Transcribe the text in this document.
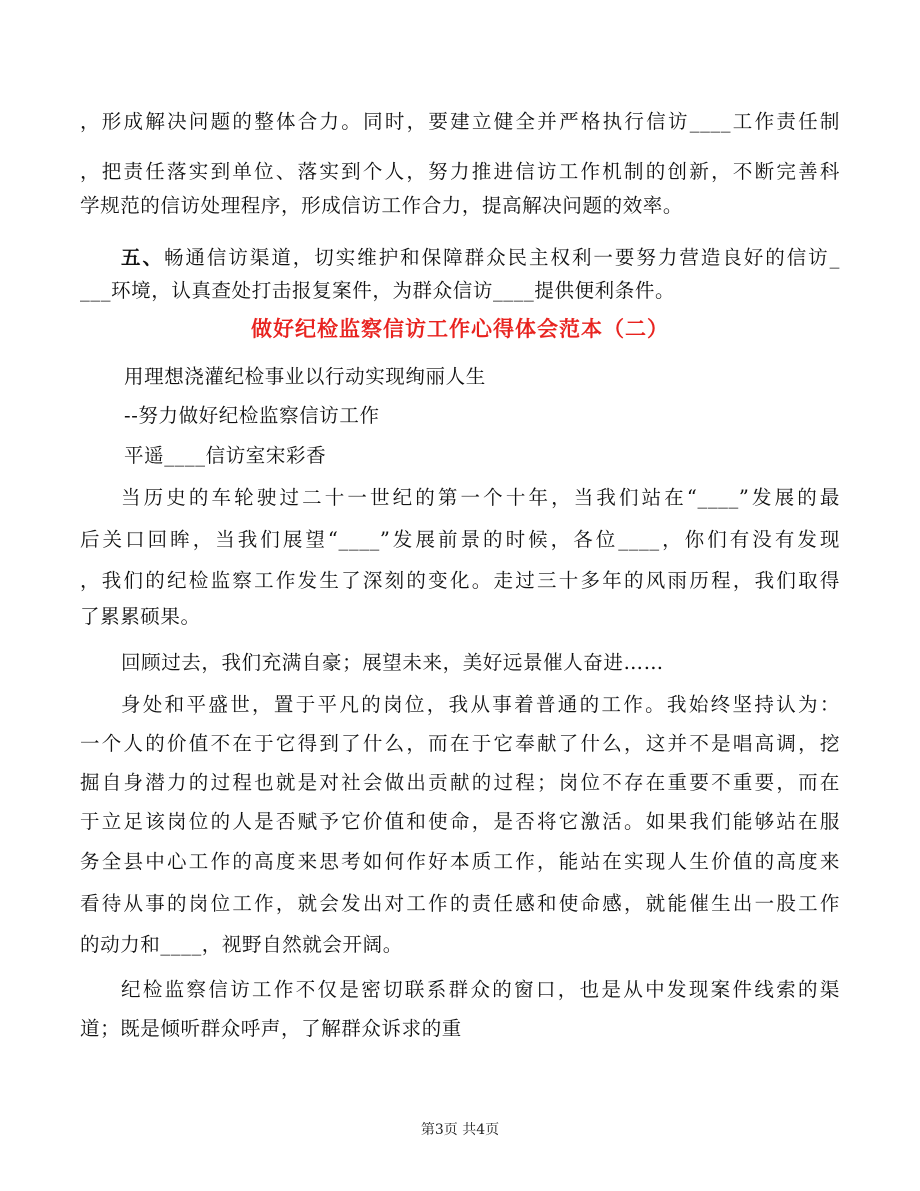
，形成解决问题的整体合力。同时，要建立健全并严格执行信访____工作责任制
，把责任落实到单位、落实到个人，努力推进信访工作机制的创新，不断完善科
学规范的信访处理程序，形成信访工作合力，提高解决问题的效率。
五、畅通信访渠道，切实维护和保障群众民主权利一要努力营造良好的信访_
___环境，认真查处打击报复案件，为群众信访____提供便利条件。
做好纪检监察信访工作心得体会范本（二）
用理想浇灌纪检事业以行动实现绚丽人生
--努力做好纪检监察信访工作
平遥____信访室宋彩香
当历史的车轮驶过二十一世纪的第一个十年，当我们站在“____”发展的最
后关口回眸，当我们展望“____”发展前景的时候，各位____，你们有没有发现
，我们的纪检监察工作发生了深刻的变化。走过三十多年的风雨历程，我们取得
了累累硕果。
回顾过去，我们充满自豪；展望未来，美好远景催人奋进……
身处和平盛世，置于平凡的岗位，我从事着普通的工作。我始终坚持认为：
一个人的价值不在于它得到了什么，而在于它奉献了什么，这并不是唱高调，挖
掘自身潜力的过程也就是对社会做出贡献的过程；岗位不存在重要不重要，而在
于立足该岗位的人是否赋予它价值和使命，是否将它激活。如果我们能够站在服
务全县中心工作的高度来思考如何作好本质工作，能站在实现人生价值的高度来
看待从事的岗位工作，就会发出对工作的责任感和使命感，就能催生出一股工作
的动力和____，视野自然就会开阔。
纪检监察信访工作不仅是密切联系群众的窗口，也是从中发现案件线索的渠
道；既是倾听群众呼声，了解群众诉求的重
第3页 共4页
